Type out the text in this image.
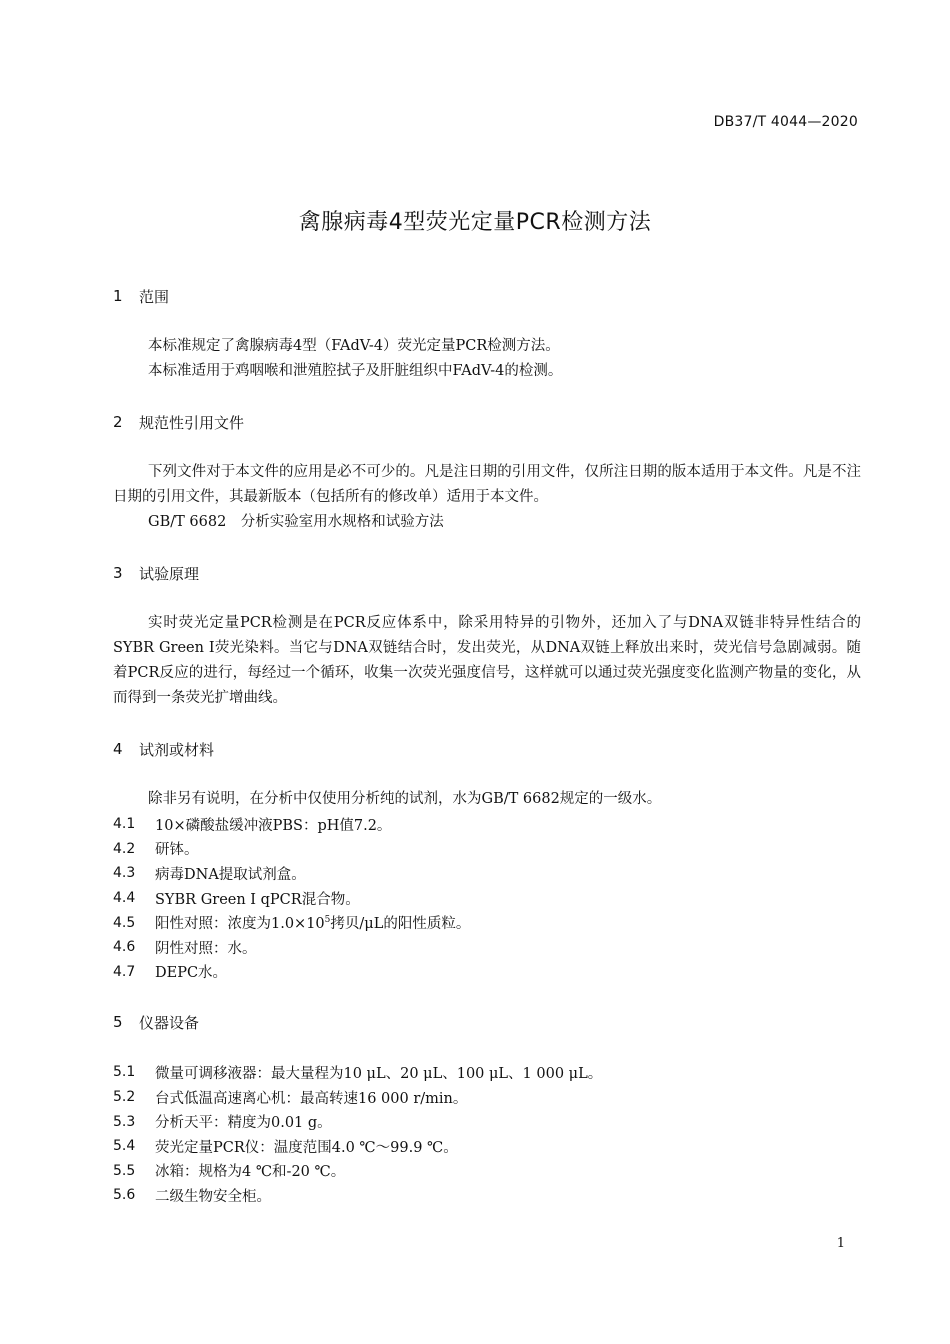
DB37/T 4044—2020
禽腺病毒4型荧光定量PCR检测方法
1	范围

本标准规定了禽腺病毒4型（FAdV-4）荧光定量PCR检测方法。

本标准适用于鸡咽喉和泄殖腔拭子及肝脏组织中FAdV-4的检测。

2	规范性引用文件

下列文件对于本文件的应用是必不可少的。凡是注日期的引用文件，仅所注日期的版本适用于本文件。凡是不注日期的引用文件，其最新版本（包括所有的修改单）适用于本文件。

GB/T 6682　分析实验室用水规格和试验方法

3	试验原理

实时荧光定量PCR检测是在PCR反应体系中，除采用特异的引物外，还加入了与DNA双链非特异性结合的SYBR Green I荧光染料。当它与DNA双链结合时，发出荧光，从DNA双链上释放出来时，荧光信号急剧减弱。随着PCR反应的进行，每经过一个循环，收集一次荧光强度信号，这样就可以通过荧光强度变化监测产物量的变化，从而得到一条荧光扩增曲线。

4	试剂或材料

除非另有说明，在分析中仅使用分析纯的试剂，水为GB/T 6682规定的一级水。

4.1	10×磷酸盐缓冲液PBS：pH值7.2。
4.2	研钵。
4.3	病毒DNA提取试剂盒。
4.4	SYBR Green I qPCR混合物。
4.5	阳性对照：浓度为$1.0\times 10^5$拷贝/μL的阳性质粒。
4.6	阴性对照：水。
4.7	DEPC水。
5	仪器设备
5.1	微量可调移液器：最大量程为10 μL、20 μL、100 μL、1 000 μL。
5.2	台式低温高速离心机：最高转速16 000 r/min。
5.3	分析天平：精度为0.01 g。
5.4	荧光定量PCR仪：温度范围4.0 ℃～99.9 ℃。
5.5	冰箱：规格为4 ℃和-20 ℃。
5.6	二级生物安全柜。
1
